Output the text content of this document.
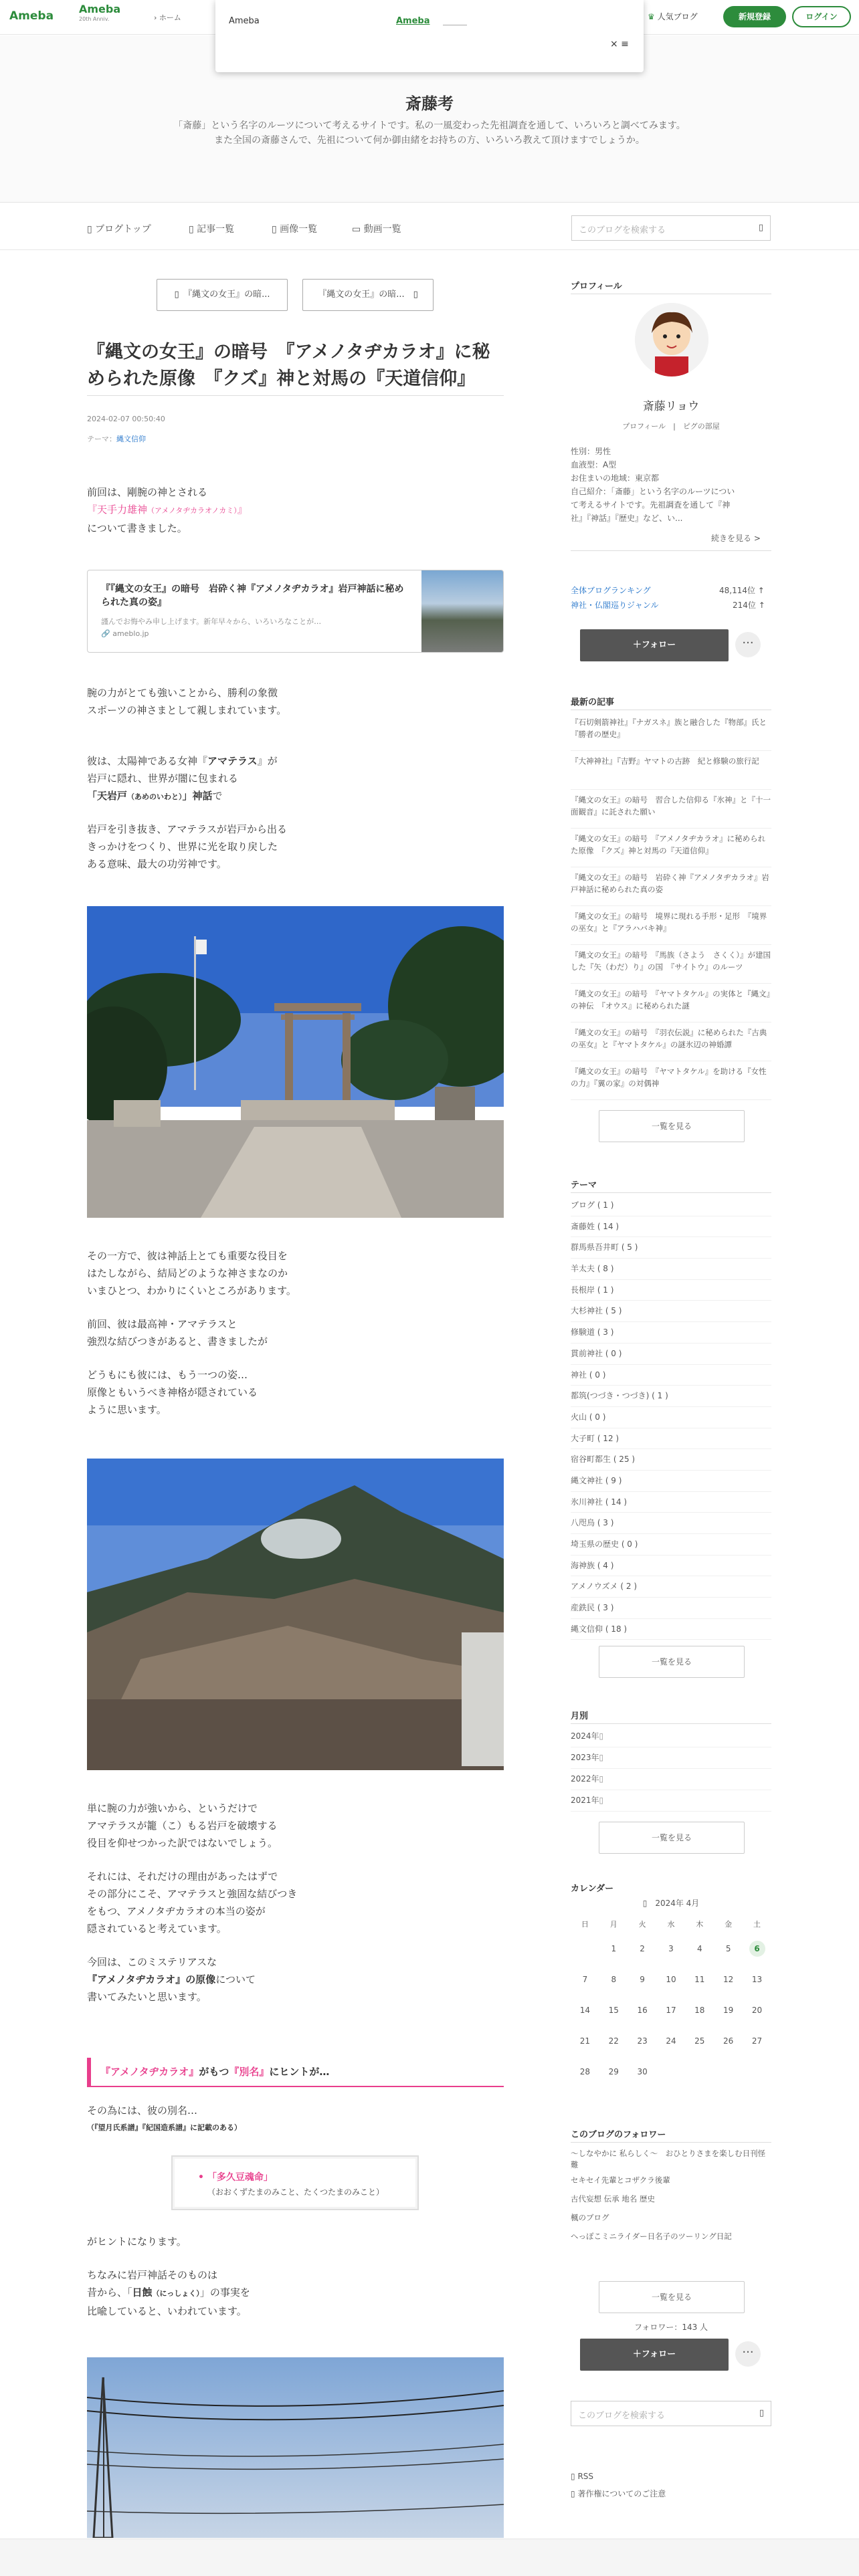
Ameba
Ameba
20th Anniv.	› ホーム	♛ 人気ブログ	新規登録	ログイン
Ameba	Ameba
× ≡
斎藤考
「斎藤」という名字のルーツについて考えるサイトです。私の一風変わった先祖調査を通して、いろいろと調べてみます。
また全国の斎藤さんで、先祖について何か御由緒をお持ちの方、いろいろ教えて頂けますでしょうか。
▯ ブログトップ	▯ 記事一覧	▯ 画像一覧	▭ 動画一覧	このブログを検索する	▯
▯　 『縄文の女王』の暗...	『縄文の女王』の暗...　 ▯
『縄文の女王』の暗号　『アメノタヂカラオ』に秘められた原像　『クズ』神と対馬の『天道信仰』
2024-02-07 00:50:40
テーマ：縄文信仰
前回は、剛腕の神とされる
『天手力雄神（アメノタヂカラオノカミ）』
について書きました。
『『縄文の女王』の暗号　岩砕く神『アメノタヂカラオ』岩戸神話に秘められた真の姿』
謹んでお悔やみ申し上げます。新年早々から、いろいろなことが…
🔗 ameblo.jp
腕の力がとても強いことから、勝利の象徴
スポーツの神さまとして親しまれています。
彼は、太陽神である女神『アマテラス』が
岩戸に隠れ、世界が闇に包まれる
「天岩戸（あめのいわと）」神話で
岩戸を引き抜き、アマテラスが岩戸から出る
きっかけをつくり、世界に光を取り戻した
ある意味、最大の功労神です。
その一方で、彼は神話上とても重要な役目を
はたしながら、結局どのような神さまなのか
いまひとつ、わかりにくいところがあります。
前回、彼は最高神・アマテラスと
強烈な結びつきがあると、書きましたが
どうもにも彼には、もう一つの姿…
原像ともいうべき神格が隠されている
ように思います。
単に腕の力が強いから、というだけで
アマテラスが籠（こ）もる岩戸を破壊する
役目を仰せつかった訳ではないでしょう。
それには、それだけの理由があったはずで
その部分にこそ、アマテラスと強固な結びつき
をもつ、アメノタヂカラオの本当の姿が
隠されていると考えています。
今回は、このミステリアスな
『アメノタヂカラオ』の原像について
書いてみたいと思います。
『アメノタヂカラオ』がもつ『別名』にヒントが…
その為には、彼の別名…
（『望月氏系譜』『紀国造系譜』に記載のある）
• 「多久豆魂命」
（おおくずたまのみこと、たくつたまのみこと）
がヒントになります。
ちなみに岩戸神話そのものは
昔から、「日蝕（にっしょく）」の事実を
比喩していると、いわれています。
プロフィール
斎藤リョウ
プロフィール　|　ピグの部屋
性別：男性
血液型：A型
お住まいの地域：東京都
自己紹介：「斎藤」という名字のルーツについ
て考えるサイトです。先祖調査を通して『神
社』『神話』『歴史』など、い...
続きを見る >
全体ブログランキング	48,114位 ↑
神社・仏閣巡りジャンル	214位 ↑
＋フォロー	···
最新の記事
『石切剣箭神社』『ナガスネ』族と融合した『物部』氏と『勝者の歴史』
『大神神社』『吉野』ヤマトの古跡　紀と修験の旅行記
『縄文の女王』の暗号　習合した信仰る『氷神』と『十一面観音』に託された願い
『縄文の女王』の暗号　『アメノタヂカラオ』に秘められた原像　『クズ』神と対馬の『天道信仰』
『縄文の女王』の暗号　岩砕く神『アメノタヂカラオ』岩戸神話に秘められた真の姿
『縄文の女王』の暗号　境界に現れる手形・足形　『境界の巫女』と『アラハバキ神』
『縄文の女王』の暗号　『馬族（さよう　さくく）』が建国した『矢（わだ）り』の国　『サイトウ』のルーツ
『縄文の女王』の暗号　『ヤマトタケル』の実体と『縄文』の神伝　『オウス』に秘められた謎
『縄文の女王』の暗号　『羽衣伝説』に秘められた『古典の巫女』と『ヤマトタケル』の謎氷辺の神婚譚
『縄文の女王』の暗号　『ヤマトタケル』を助ける『女性の力』『翼の家』の対偶神
一覧を見る
テーマ
ブログ ( 1 )
斎藤姓 ( 14 )
群馬県吾井町 ( 5 )
羊太夫 ( 8 )
長根岸 ( 1 )
大杉神社 ( 5 )
修験道 ( 3 )
貫前神社 ( 0 )
神社 ( 0 )
都筑(つづき・つづき) ( 1 )
火山 ( 0 )
大子町 ( 12 )
宿谷町都生 ( 25 )
縄文神社 ( 9 )
氷川神社 ( 14 )
八咫烏 ( 3 )
埼玉県の歴史 ( 0 )
海神族 ( 4 )
アメノウズメ ( 2 )
産鉄民 ( 3 )
縄文信仰 ( 18 )
一覧を見る
月別
2024年▯
2023年▯
2022年▯
2021年▯
一覧を見る
カレンダー
▯　 2024年 4月
日	月	火	水	木	金	土
	1	2	3	4	5	6
7	8	9	10	11	12	13
14	15	16	17	18	19	20
21	22	23	24	25	26	27
28	29	30				
このブログのフォロワー
～しなやかに 私らしく～　おひとりさまを楽しむ日刊怪難
セキセイ先輩とコザクラ後輩
古代妄想 伝承 地名 歴史
楓のブログ
へっぽこミニライダー日名子のツーリング日記
一覧を見る
フォロワー：143 人
＋フォロー	···
このブログを検索する	▯
▯ RSS
▯ 著作権についてのご注意
